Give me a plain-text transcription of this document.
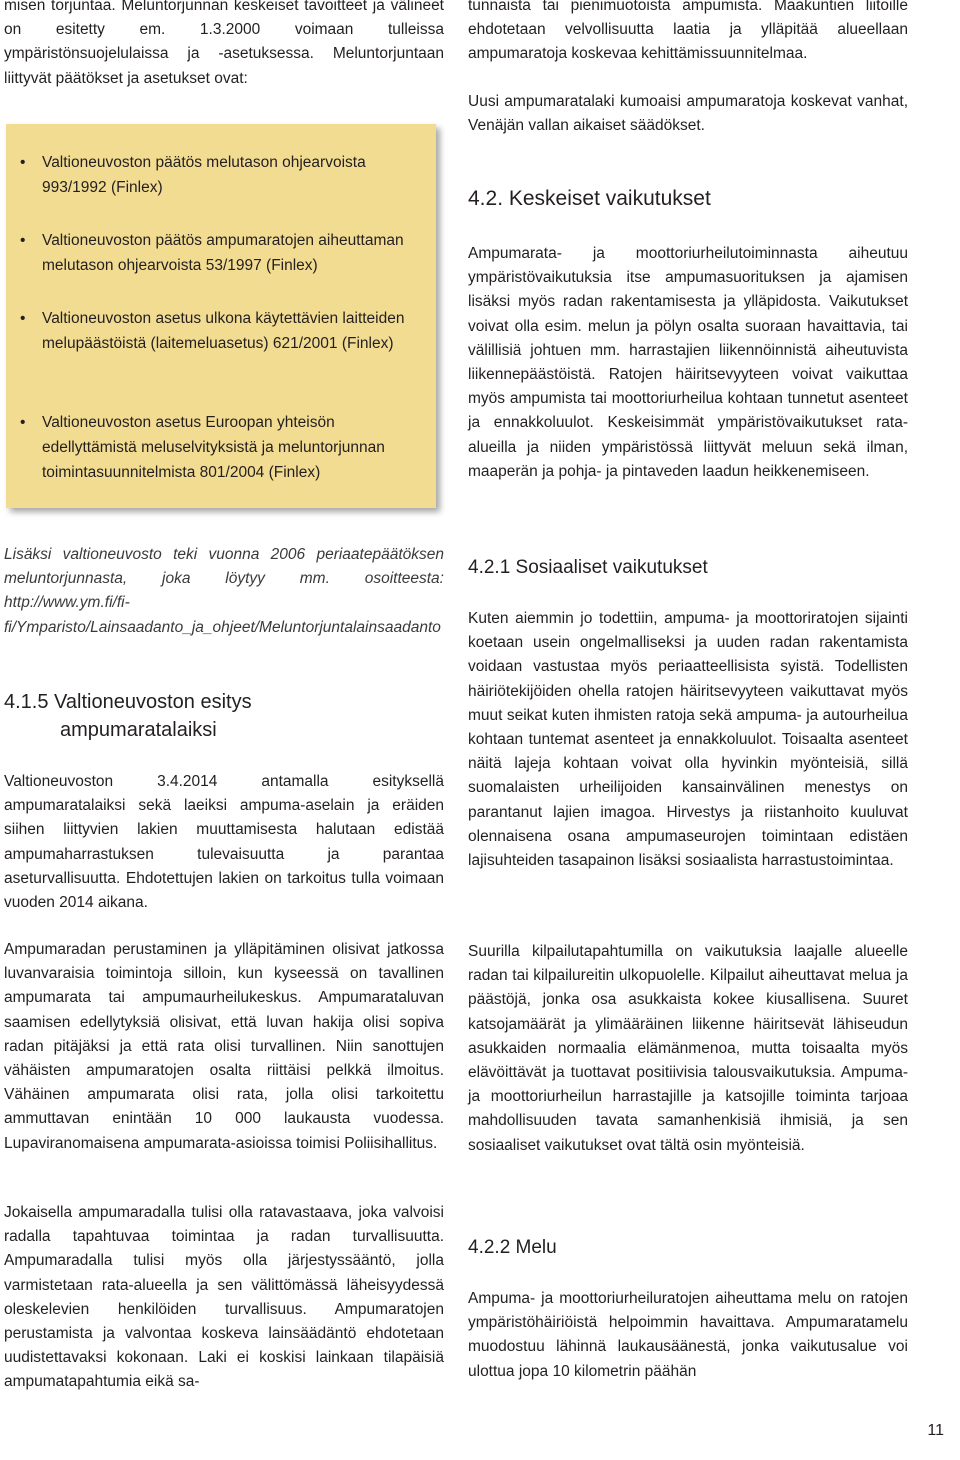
misen torjuntaa. Meluntorjunnan keskeiset tavoitteet ja välineet on esitetty em. 1.3.2000 voimaan tulleissa ympäristönsuojelulaissa ja -asetuksessa. Meluntorjuntaan liittyvät päätökset ja asetukset ovat:

• Valtioneuvoston päätös melutason ohjearvoista 993/1992 (Finlex)
• Valtioneuvoston päätös ampumaratojen aiheuttaman melutason ohjearvoista 53/1997 (Finlex)
• Valtioneuvoston asetus ulkona käytettävien laitteiden melupäästöistä (laitemeluasetus) 621/2001 (Finlex)
• Valtioneuvoston asetus Euroopan yhteisön edellyttämistä meluselvityksistä ja meluntorjunnan toimintasuunnitelmista 801/2004 (Finlex)

Lisäksi valtioneuvosto teki vuonna 2006 periaatepäätöksen meluntorjunnasta, joka löytyy mm. osoitteesta: http://www.ym.fi/fi-fi/Ymparisto/Lainsaadanto_ja_ohjeet/Meluntorjuntalainsaadanto

4.1.5 Valtioneuvoston esitys
ampumaratalaiksi

Valtioneuvoston 3.4.2014 antamalla esityksellä ampumaratalaiksi sekä laeiksi ampuma-aselain ja eräiden siihen liittyvien lakien muuttamisesta halutaan edistää ampumaharrastuksen tulevaisuutta ja parantaa aseturvallisuutta. Ehdotettujen lakien on tarkoitus tulla voimaan vuoden 2014 aikana.

Ampumaradan perustaminen ja ylläpitäminen olisivat jatkossa luvanvaraisia toimintoja silloin, kun kyseessä on tavallinen ampumarata tai ampumaurheilukeskus. Ampumarataluvan saamisen edellytyksiä olisivat, että luvan hakija olisi sopiva radan pitäjäksi ja että rata olisi turvallinen. Niin sanottujen vähäisten ampumaratojen osalta riittäisi pelkkä ilmoitus. Vähäinen ampumarata olisi rata, jolla olisi tarkoitettu ammuttavan enintään 10 000 laukausta vuodessa. Lupaviranomaisena ampumarata-asioissa toimisi Poliisihallitus.

Jokaisella ampumaradalla tulisi olla ratavastaava, joka valvoisi radalla tapahtuvaa toimintaa ja radan turvallisuutta. Ampumaradalla tulisi myös olla järjestyssääntö, jolla varmistetaan rata-alueella ja sen välittömässä läheisyydessä oleskelevien henkilöiden turvallisuus. Ampumaratojen perustamista ja valvontaa koskeva lainsäädäntö ehdotetaan uudistettavaksi kokonaan. Laki ei koskisi lainkaan tilapäisiä ampumatapahtumia eikä sa-

tunnaista tai pienimuotoista ampumista. Maakuntien liitoille ehdotetaan velvollisuutta laatia ja ylläpitää alueellaan ampumaratoja koskevaa kehittämissuunnitelmaa.

Uusi ampumaratalaki kumoaisi ampumaratoja koskevat vanhat, Venäjän vallan aikaiset säädökset.

4.2. Keskeiset vaikutukset

Ampumarata- ja moottoriurheilutoiminnasta aiheutuu ympäristövaikutuksia itse ampumasuorituksen ja ajamisen lisäksi myös radan rakentamisesta ja ylläpidosta. Vaikutukset voivat olla esim. melun ja pölyn osalta suoraan havaittavia, tai välillisiä johtuen mm. harrastajien liikennöinnistä aiheutuvista liikennepäästöistä. Ratojen häiritsevyyteen voivat vaikuttaa myös ampumista tai moottoriurheilua kohtaan tunnetut asenteet ja ennakkoluulot. Keskeisimmät ympäristövaikutukset rata-alueilla ja niiden ympäristössä liittyvät meluun sekä ilman, maaperän ja pohja- ja pintaveden laadun heikkenemiseen.

4.2.1 Sosiaaliset vaikutukset

Kuten aiemmin jo todettiin, ampuma- ja moottoriratojen sijainti koetaan usein ongelmalliseksi ja uuden radan rakentamista voidaan vastustaa myös periaatteellisista syistä. Todellisten häiriötekijöiden ohella ratojen häiritsevyyteen vaikuttavat myös muut seikat kuten ihmisten ratoja sekä ampuma- ja autourheilua kohtaan tuntemat asenteet ja ennakkoluulot. Toisaalta asenteet näitä lajeja kohtaan voivat olla hyvinkin myönteisiä, sillä suomalaisten urheilijoiden kansainvälinen menestys on parantanut lajien imagoa. Hirvestys ja riistanhoito kuuluvat olennaisena osana ampumaseurojen toimintaan edistäen lajisuhteiden tasapainon lisäksi sosiaalista harrastustoimintaa.

Suurilla kilpailutapahtumilla on vaikutuksia laajalle alueelle radan tai kilpailureitin ulkopuolelle. Kilpailut aiheuttavat melua ja päästöjä, jonka osa asukkaista kokee kiusallisena. Suuret katsojamäärät ja ylimääräinen liikenne häiritsevät lähiseudun asukkaiden normaalia elämänmenoa, mutta toisaalta myös elävöittävät ja tuottavat positiivisia talousvaikutuksia. Ampuma- ja moottoriurheilun harrastajille ja katsojille toiminta tarjoaa mahdollisuuden tavata samanhenkisiä ihmisiä, ja sen sosiaaliset vaikutukset ovat tältä osin myönteisiä.

4.2.2 Melu

Ampuma- ja moottoriurheiluratojen aiheuttama melu on ratojen ympäristöhäiriöistä helpoimmin havaittava. Ampumaratamelu muodostuu lähinnä laukausäänestä, jonka vaikutusalue voi ulottua jopa 10 kilometrin päähän

11
